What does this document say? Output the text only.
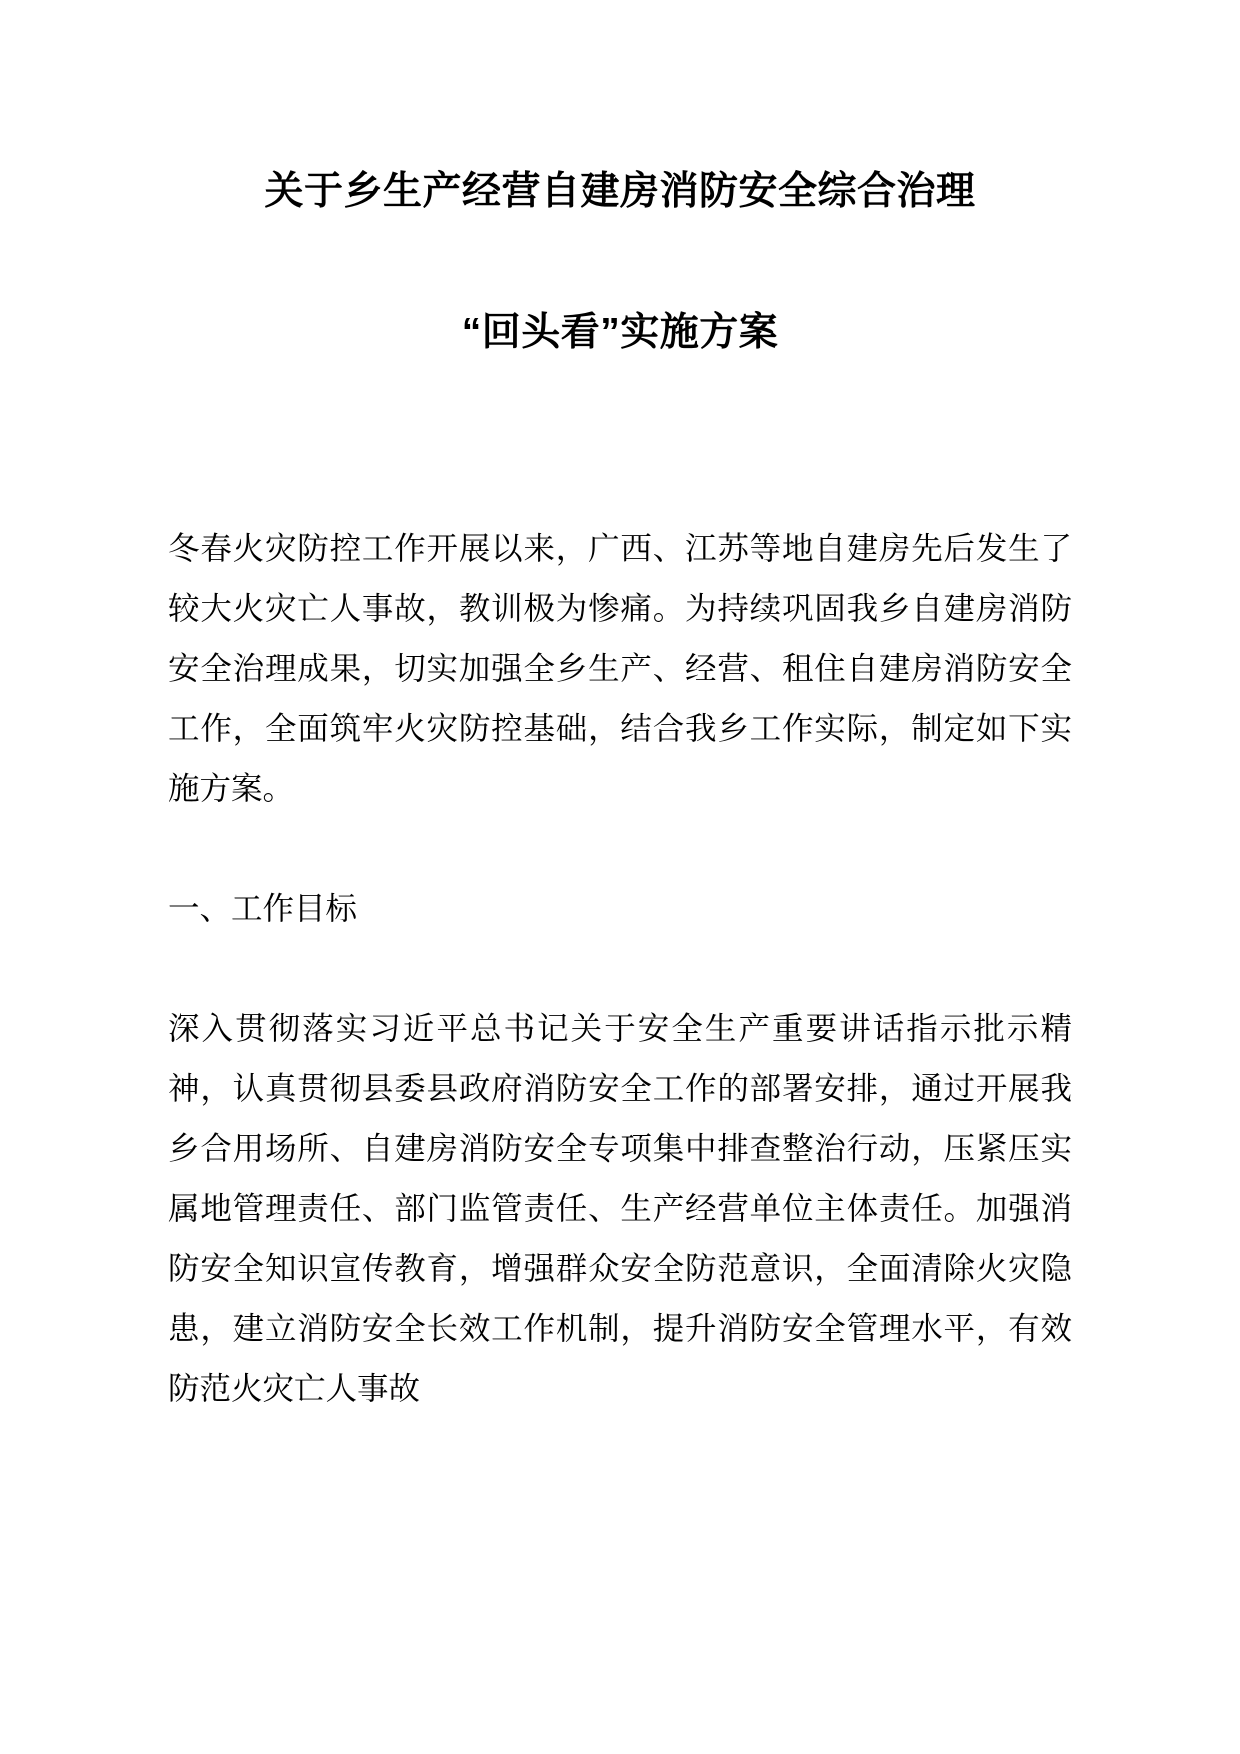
关于乡生产经营自建房消防安全综合治理
“回头看”实施方案

冬春火灾防控工作开展以来，广西、江苏等地自建房先后发生了较大火灾亡人事故，教训极为惨痛。为持续巩固我乡自建房消防安全治理成果，切实加强全乡生产、经营、租住自建房消防安全工作，全面筑牢火灾防控基础，结合我乡工作实际，制定如下实施方案。

一、工作目标

深入贯彻落实习近平总书记关于安全生产重要讲话指示批示精神，认真贯彻县委县政府消防安全工作的部署安排，通过开展我乡合用场所、自建房消防安全专项集中排查整治行动，压紧压实属地管理责任、部门监管责任、生产经营单位主体责任。加强消防安全知识宣传教育，增强群众安全防范意识，全面清除火灾隐患，建立消防安全长效工作机制，提升消防安全管理水平，有效防范火灾亡人事故
